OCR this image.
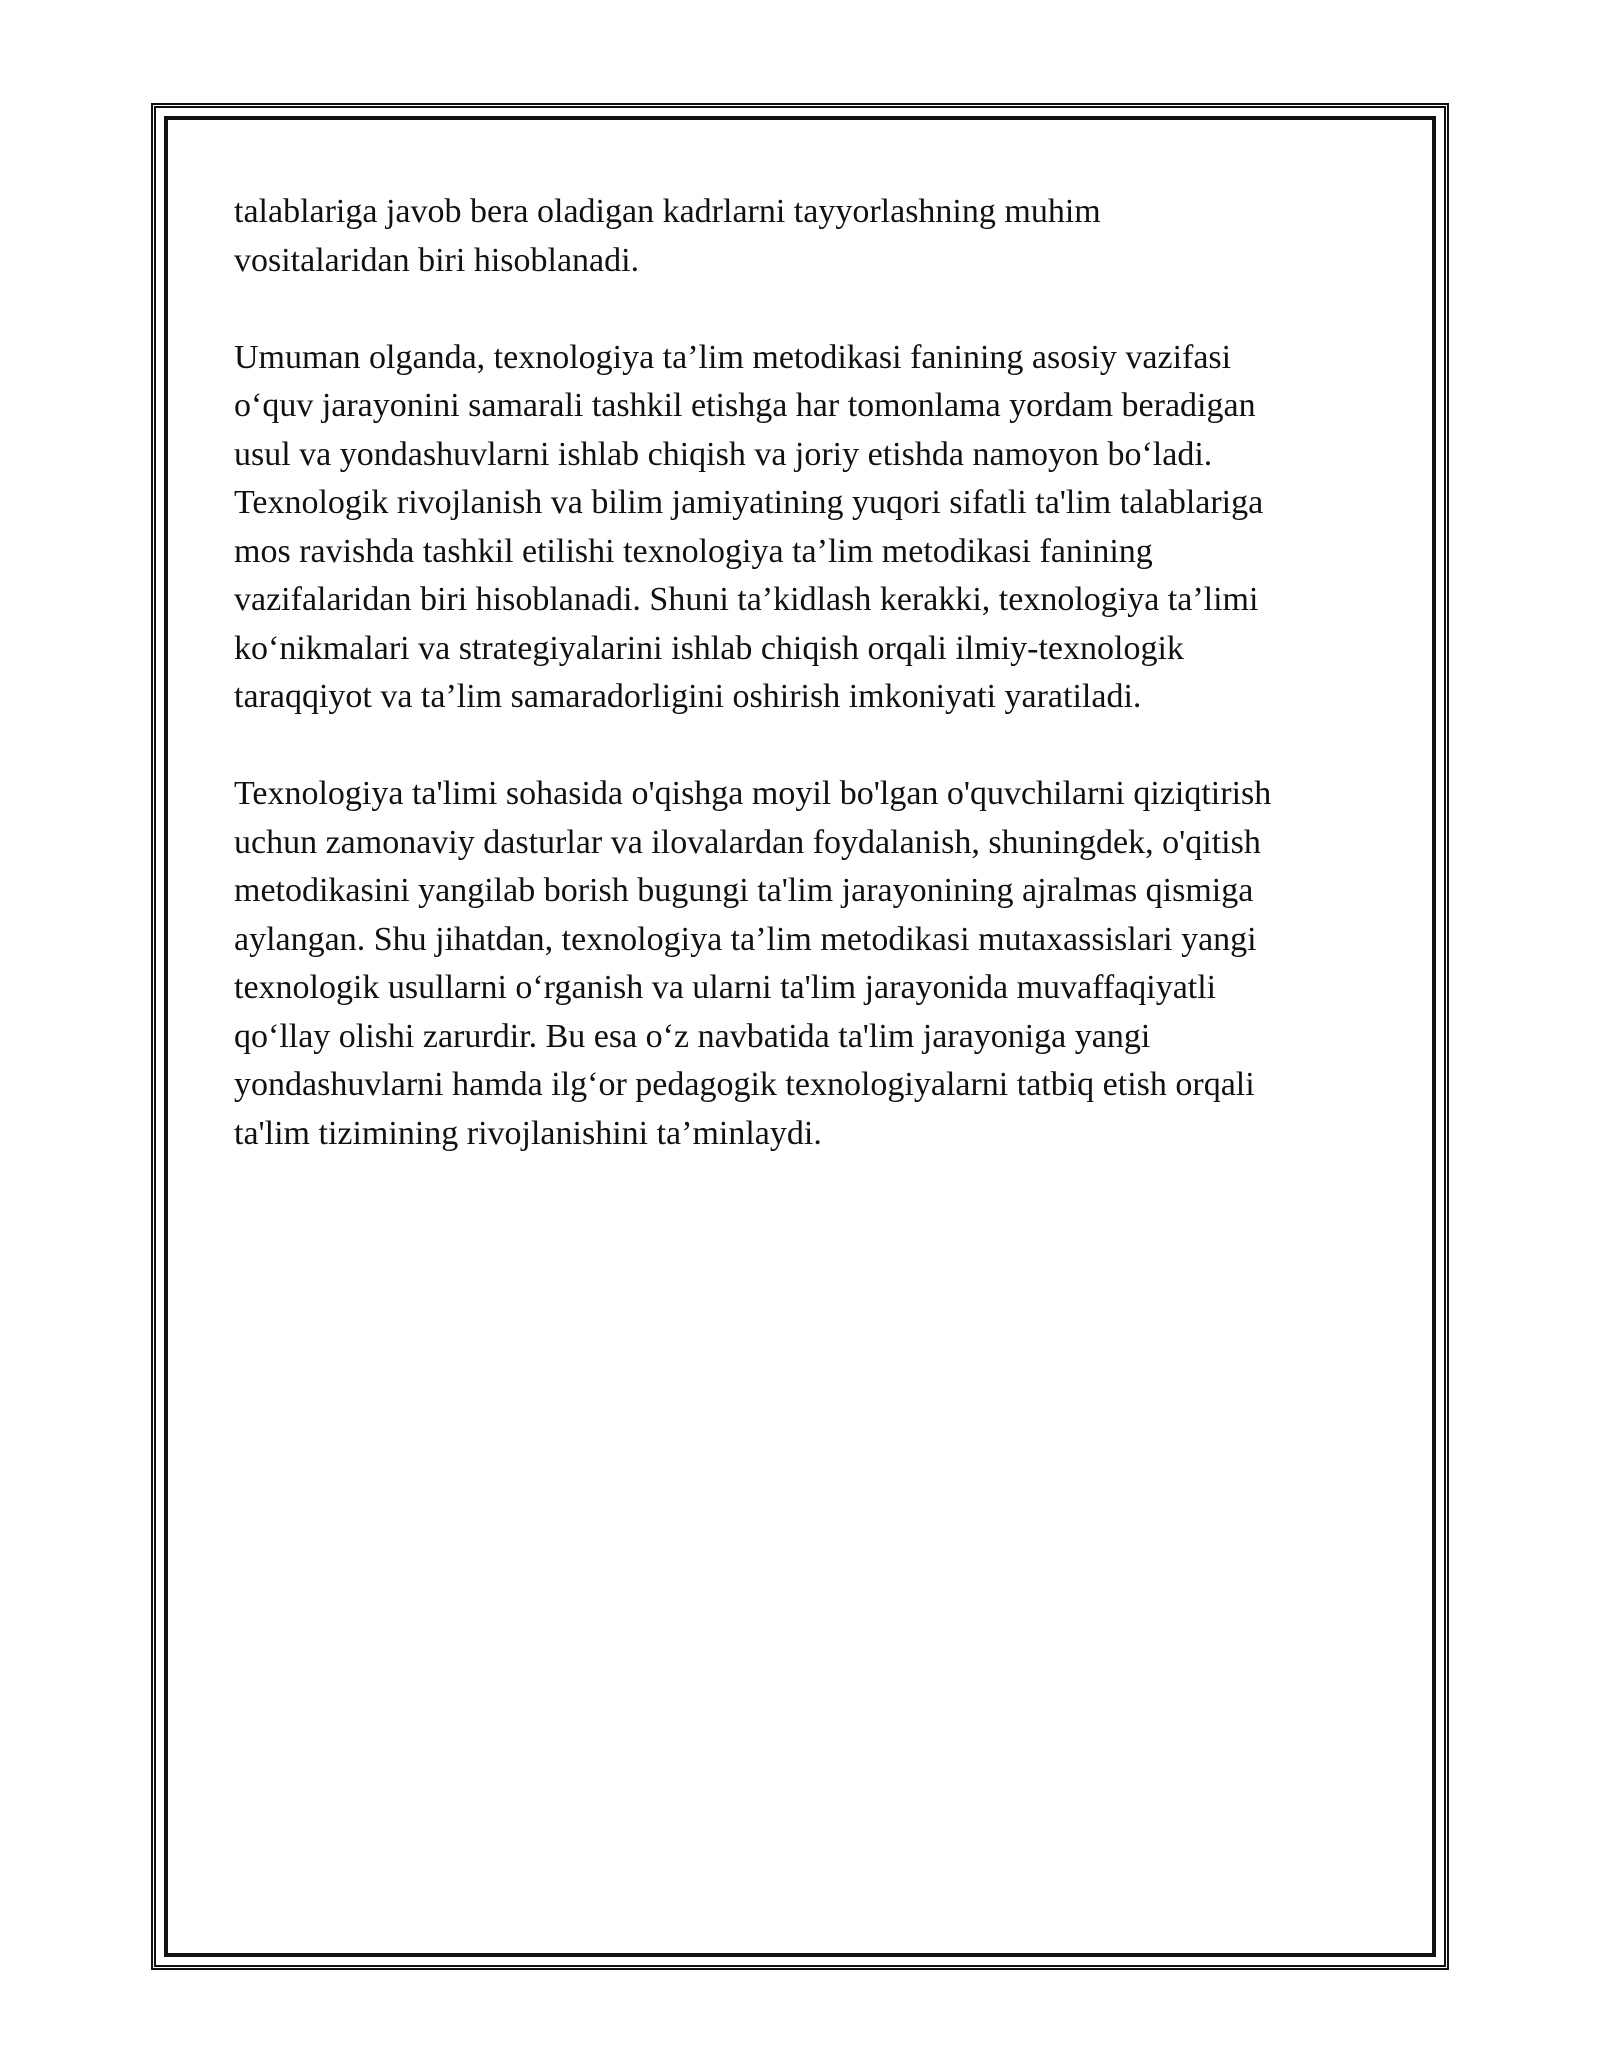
talablariga javob bera oladigan kadrlarni tayyorlashning muhim
vositalaridan biri hisoblanadi.

Umuman olganda, texnologiya ta’lim metodikasi fanining asosiy vazifasi
o‘quv jarayonini samarali tashkil etishga har tomonlama yordam beradigan
usul va yondashuvlarni ishlab chiqish va joriy etishda namoyon bo‘ladi.
Texnologik rivojlanish va bilim jamiyatining yuqori sifatli ta'lim talablariga
mos ravishda tashkil etilishi texnologiya ta’lim metodikasi fanining
vazifalaridan biri hisoblanadi. Shuni ta’kidlash kerakki, texnologiya ta’limi
ko‘nikmalari va strategiyalarini ishlab chiqish orqali ilmiy-texnologik
taraqqiyot va ta’lim samaradorligini oshirish imkoniyati yaratiladi.

Texnologiya ta'limi sohasida o'qishga moyil bo'lgan o'quvchilarni qiziqtirish
uchun zamonaviy dasturlar va ilovalardan foydalanish, shuningdek, o'qitish
metodikasini yangilab borish bugungi ta'lim jarayonining ajralmas qismiga
aylangan. Shu jihatdan, texnologiya ta’lim metodikasi mutaxassislari yangi
texnologik usullarni o‘rganish va ularni ta'lim jarayonida muvaffaqiyatli
qo‘llay olishi zarurdir. Bu esa o‘z navbatida ta'lim jarayoniga yangi
yondashuvlarni hamda ilg‘or pedagogik texnologiyalarni tatbiq etish orqali
ta'lim tizimining rivojlanishini ta’minlaydi.
